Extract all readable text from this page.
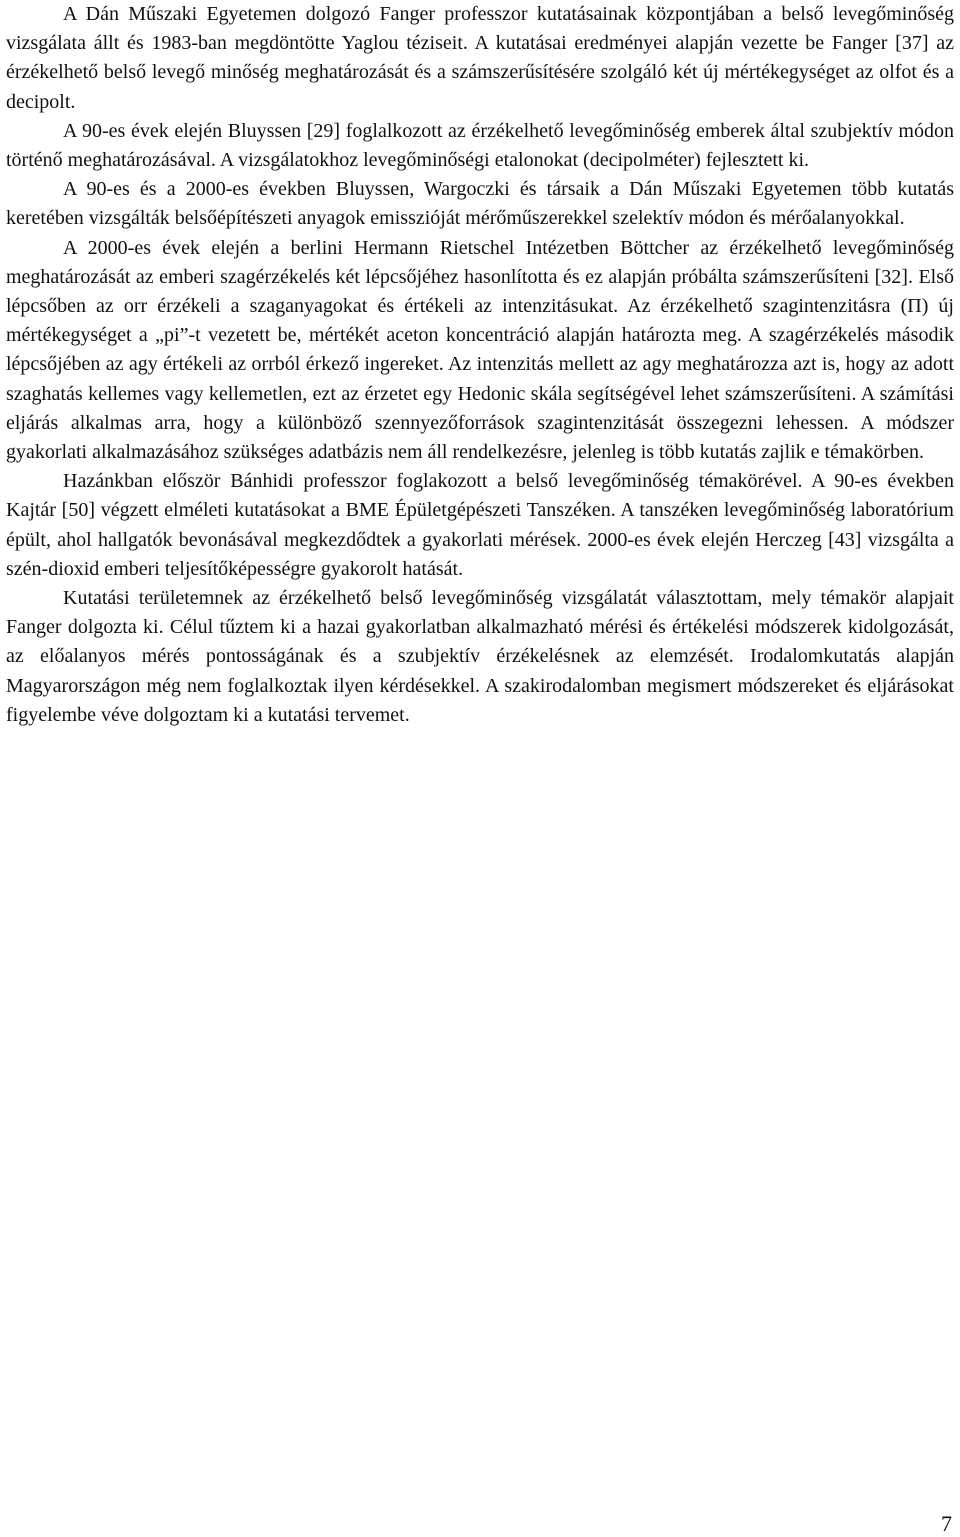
A Dán Műszaki Egyetemen dolgozó Fanger professzor kutatásainak központjában a belső levegőminőség vizsgálata állt és 1983-ban megdöntötte Yaglou téziseit. A kutatásai eredményei alapján vezette be Fanger [37] az érzékelhető belső levegő minőség meghatározását és a számszerűsítésére szolgáló két új mértékegységet az olfot és a decipolt.

A 90-es évek elején Bluyssen [29] foglalkozott az érzékelhető levegőminőség emberek által szubjektív módon történő meghatározásával. A vizsgálatokhoz levegőminőségi etalonokat (decipolméter) fejlesztett ki.

A 90-es és a 2000-es években Bluyssen, Wargoczki és társaik a Dán Műszaki Egyetemen több kutatás keretében vizsgálták belsőépítészeti anyagok emisszióját mérőműszerekkel szelektív módon és mérőalanyokkal.

A 2000-es évek elején a berlini Hermann Rietschel Intézetben Böttcher az érzékelhető levegőminőség meghatározását az emberi szagérzékelés két lépcsőjéhez hasonlította és ez alapján próbálta számszerűsíteni [32]. Első lépcsőben az orr érzékeli a szaganyagokat és értékeli az intenzitásukat. Az érzékelhető szagintenzitásra (Π) új mértékegységet a „pi”-t vezetett be, mértékét aceton koncentráció alapján határozta meg. A szagérzékelés második lépcsőjében az agy értékeli az orrból érkező ingereket. Az intenzitás mellett az agy meghatározza azt is, hogy az adott szaghatás kellemes vagy kellemetlen, ezt az érzetet egy Hedonic skála segítségével lehet számszerűsíteni. A számítási eljárás alkalmas arra, hogy a különböző szennyezőforrások szagintenzitását összegezni lehessen. A módszer gyakorlati alkalmazásához szükséges adatbázis nem áll rendelkezésre, jelenleg is több kutatás zajlik e témakörben.

Hazánkban először Bánhidi professzor foglakozott a belső levegőminőség témakörével. A 90-es években Kajtár [50] végzett elméleti kutatásokat a BME Épületgépészeti Tanszéken. A tanszéken levegőminőség laboratórium épült, ahol hallgatók bevonásával megkezdődtek a gyakorlati mérések. 2000-es évek elején Herczeg [43] vizsgálta a szén-dioxid emberi teljesítőképességre gyakorolt hatását.

Kutatási területemnek az érzékelhető belső levegőminőség vizsgálatát választottam, mely témakör alapjait Fanger dolgozta ki. Célul tűztem ki a hazai gyakorlatban alkalmazható mérési és értékelési módszerek kidolgozását, az előalanyos mérés pontosságának és a szubjektív érzékelésnek az elemzését. Irodalomkutatás alapján Magyarországon még nem foglalkoztak ilyen kérdésekkel. A szakirodalomban megismert módszereket és eljárásokat figyelembe véve dolgoztam ki a kutatási tervemet.

7
